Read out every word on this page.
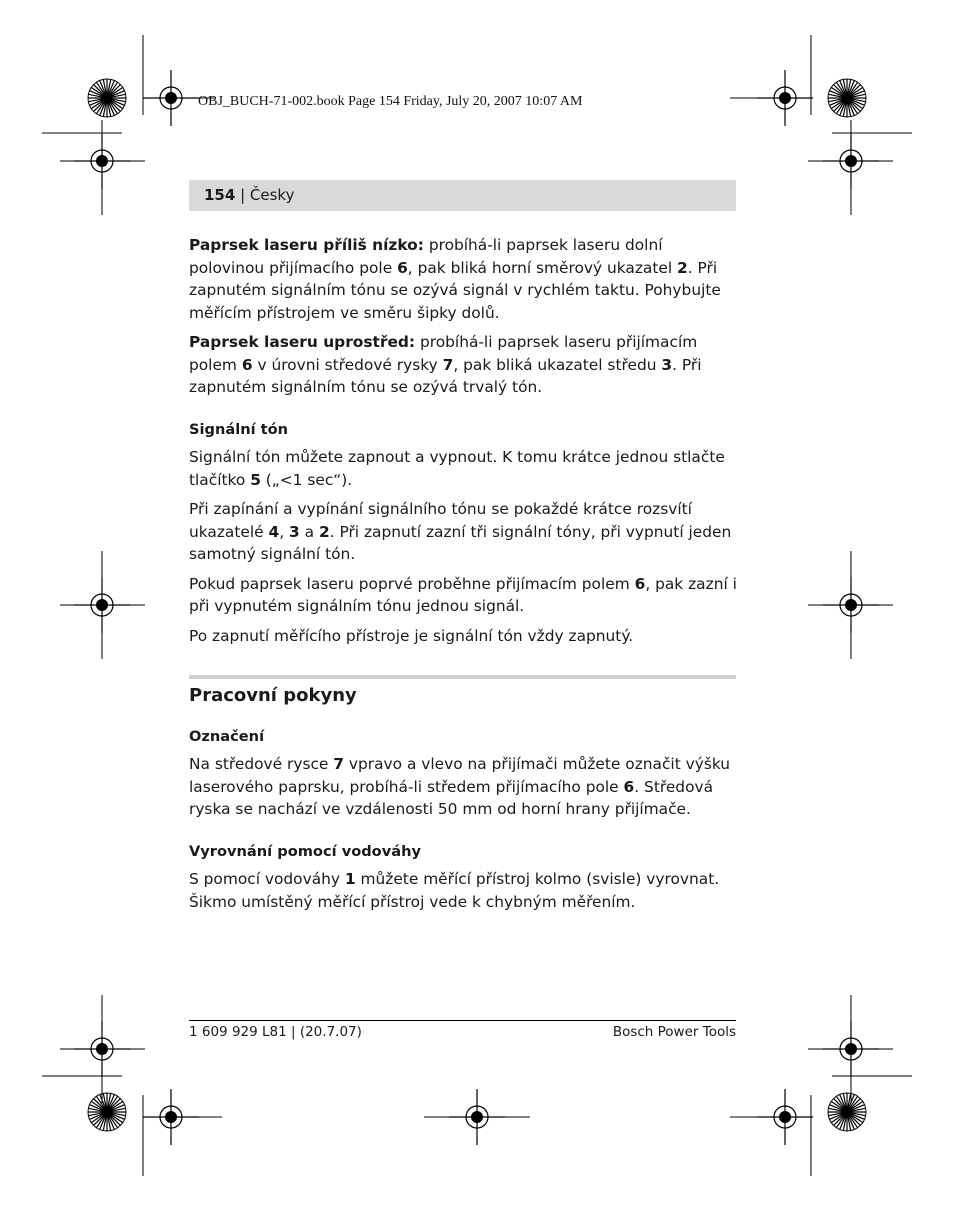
OBJ_BUCH-71-002.book Page 154 Friday, July 20, 2007 10:07 AM
154 | Česky

Paprsek laseru příliš nízko: probíhá-li paprsek laseru dolní polovinou přijímacího pole 6, pak bliká horní směrový ukazatel 2. Při zapnutém signálním tónu se ozývá signál v rychlém taktu. Pohybujte měřícím přístrojem ve směru šipky dolů.

Paprsek laseru uprostřed: probíhá-li paprsek laseru přijímacím polem 6 v úrovni středové rysky 7, pak bliká ukazatel středu 3. Při zapnutém signálním tónu se ozývá trvalý tón.

Signální tón

Signální tón můžete zapnout a vypnout. K tomu krátce jednou stlačte tlačítko 5 („<1 sec“).

Při zapínání a vypínání signálního tónu se pokaždé krátce rozsvítí ukazatelé 4, 3 a 2. Při zapnutí zazní tři signální tóny, při vypnutí jeden samotný signální tón.

Pokud paprsek laseru poprvé proběhne přijímacím polem 6, pak zazní i při vypnutém signálním tónu jednou signál.

Po zapnutí měřícího přístroje je signální tón vždy zapnutý.

Pracovní pokyny
Označení

Na středové rysce 7 vpravo a vlevo na přijímači můžete označit výšku laserového paprsku, probíhá-li středem přijímacího pole 6. Středová ryska se nachází ve vzdálenosti 50 mm od horní hrany přijímače.

Vyrovnání pomocí vodováhy

S pomocí vodováhy 1 můžete měřící přístroj kolmo (svisle) vyrovnat. Šikmo umístěný měřící přístroj vede k chybným měřením.

1 609 929 L81 | (20.7.07)	Bosch Power Tools
